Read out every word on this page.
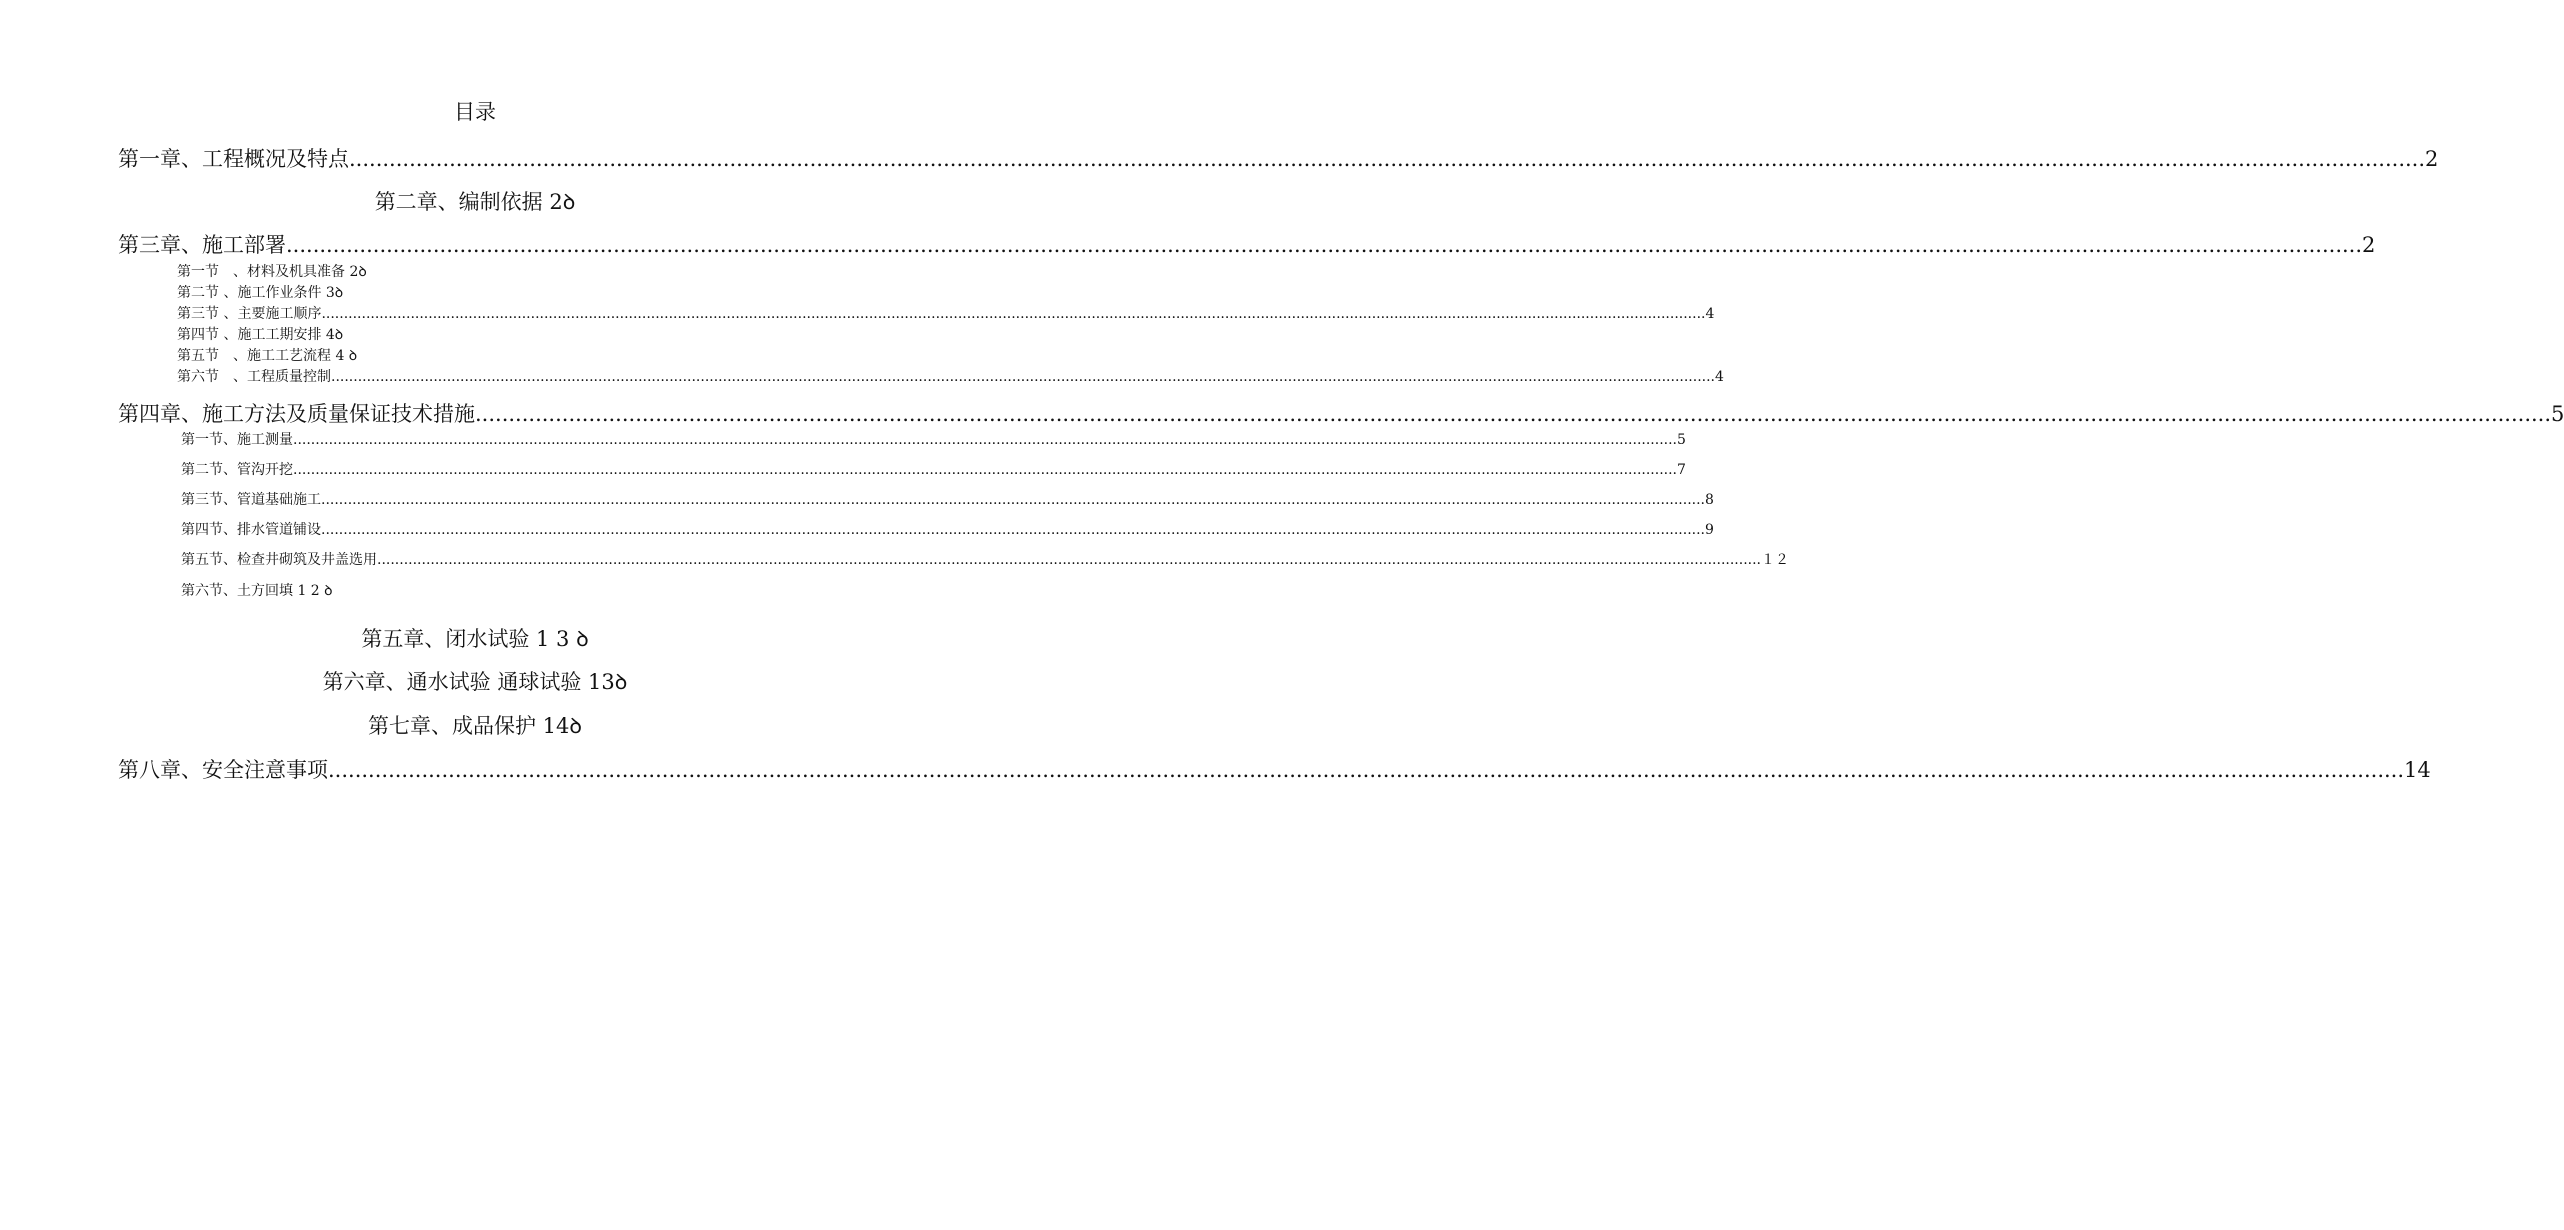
目录
第一章、工程概况及特点 ....................................................................................................................................................................................................................................................................................................................... 2
第二章、编制依据 2ꝺ
第三章、施工部署 ....................................................................................................................................................................................................................................................................................................................... 2
第一节　、材料及机具准备 2ꝺ
第二节 、施工作业条件 3ꝺ
第三节 、主要施工顺序 ....................................................................................................................................................................................................................................................................................................................... 4
第四节 、施工工期安排 4ꝺ
第五节　、施工工艺流程 4 ꝺ
第六节　、工程质量控制 ....................................................................................................................................................................................................................................................................................................................... 4
第四章、施工方法及质量保证技术措施 ....................................................................................................................................................................................................................................................................................................................... 5
第一节、施工测量 ....................................................................................................................................................................................................................................................................................................................... 5
第二节、管沟开挖 ....................................................................................................................................................................................................................................................................................................................... 7
第三节、管道基础施工 ....................................................................................................................................................................................................................................................................................................................... 8
第四节、排水管道铺设 ....................................................................................................................................................................................................................................................................................................................... 9
第五节、检查井砌筑及井盖选用 ....................................................................................................................................................................................................................................................................................................................... １２
第六节、土方回填 1 2 ꝺ
第五章、闭水试验 1 3 ꝺ
第六章、通水试验 通球试验 13ꝺ
第七章、成品保护 14ꝺ
第八章、安全注意事项 ....................................................................................................................................................................................................................................................................................................................... 14
